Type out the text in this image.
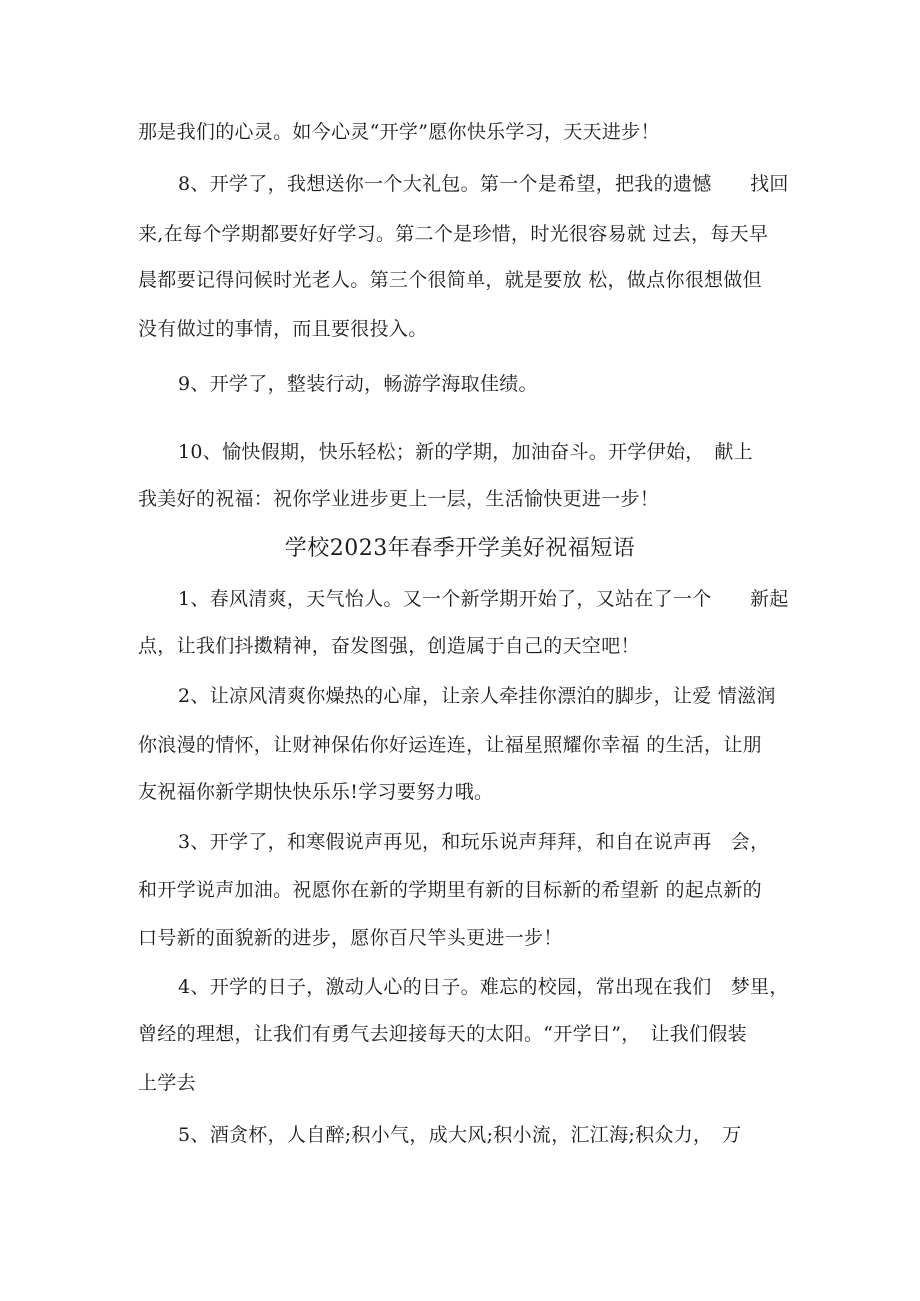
那是我们的心灵。如今心灵“开学”愿你快乐学习，天天进步！
8、开学了，我想送你一个大礼包。第一个是希望，把我的遗憾　　找回
来,在每个学期都要好好学习。第二个是珍惜，时光很容易就 过去，每天早
晨都要记得问候时光老人。第三个很简单，就是要放 松，做点你很想做但
没有做过的事情，而且要很投入。
9、开学了，整装行动，畅游学海取佳绩。
10、愉快假期，快乐轻松；新的学期，加油奋斗。开学伊始，　献上
我美好的祝福：祝你学业进步更上一层，生活愉快更进一步！
学校2023年春季开学美好祝福短语
1、春风清爽，天气怡人。又一个新学期开始了，又站在了一个　　新起
点，让我们抖擞精神，奋发图强，创造属于自己的天空吧！
2、让凉风清爽你燥热的心扉，让亲人牵挂你漂泊的脚步，让爱 情滋润
你浪漫的情怀，让财神保佑你好运连连，让福星照耀你幸福 的生活，让朋
友祝福你新学期快快乐乐!学习要努力哦。
3、开学了，和寒假说声再见，和玩乐说声拜拜，和自在说声再　会，
和开学说声加油。祝愿你在新的学期里有新的目标新的希望新 的起点新的
口号新的面貌新的进步，愿你百尺竿头更进一步！
4、开学的日子，激动人心的日子。难忘的校园，常出现在我们　梦里，
曾经的理想，让我们有勇气去迎接每天的太阳。“开学日”，　让我们假装
上学去
5、酒贪杯，人自醉;积小气，成大风;积小流，汇江海;积众力，　万
